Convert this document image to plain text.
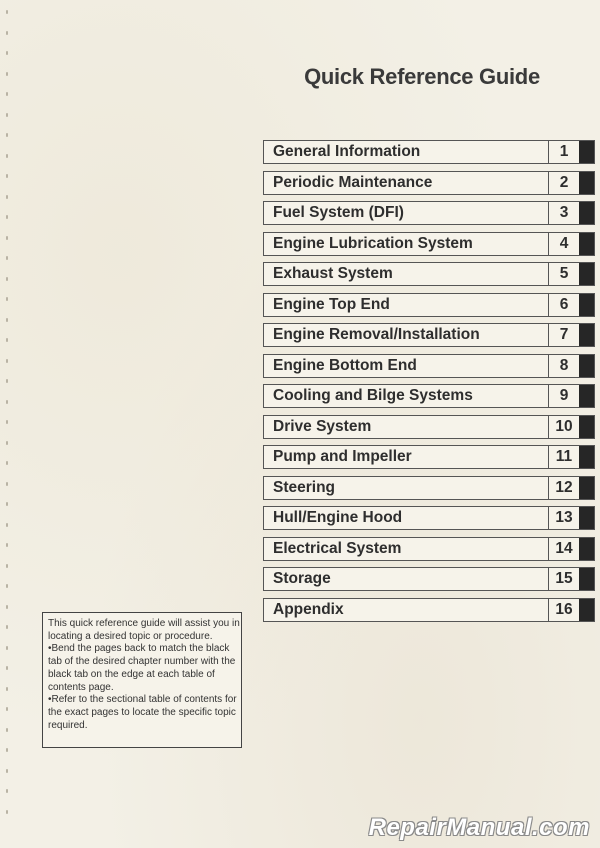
Quick Reference Guide
General Information	1
Periodic Maintenance	2
Fuel System (DFI)	3
Engine Lubrication System	4
Exhaust System	5
Engine Top End	6
Engine Removal/Installation	7
Engine Bottom End	8
Cooling and Bilge Systems	9
Drive System	10
Pump and Impeller	11
Steering	12
Hull/Engine Hood	13
Electrical System	14
Storage	15
Appendix	16

This quick reference guide will assist you in locating a desired topic or procedure.

•Bend the pages back to match the black tab of the desired chapter number with the black tab on the edge at each table of contents page.

•Refer to the sectional table of contents for the exact pages to locate the specific topic required.

RepairManual.com
